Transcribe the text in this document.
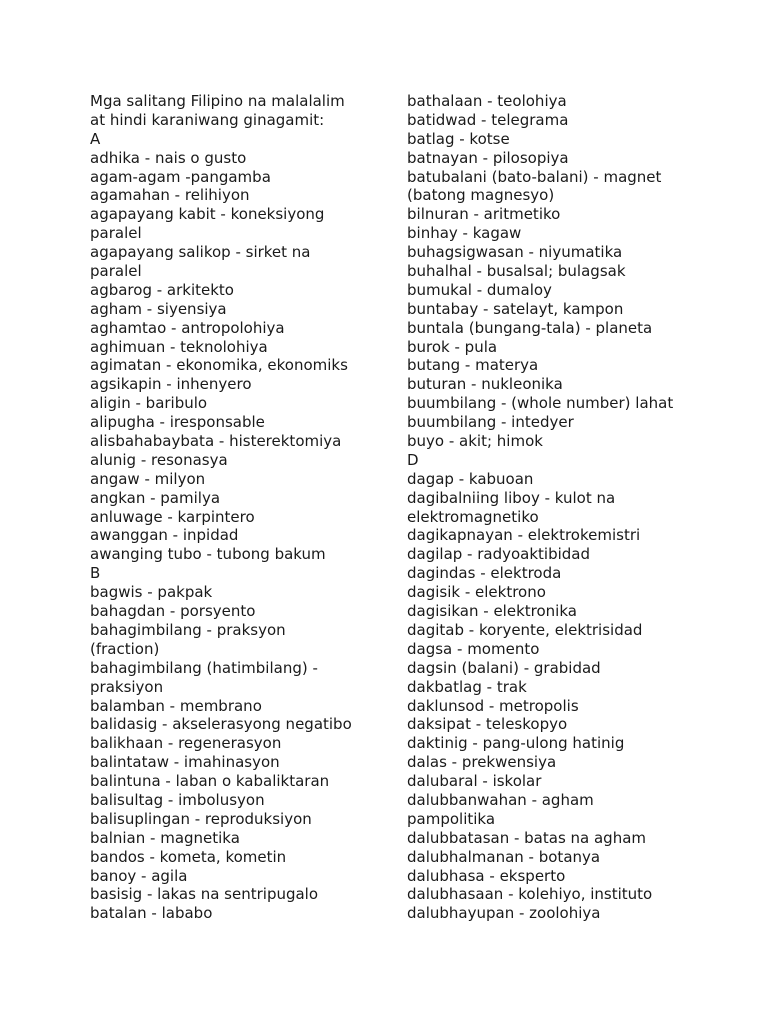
Mga salitang Filipino na malalalim
at hindi karaniwang ginagamit:
A
adhika - nais o gusto
agam-agam -pangamba
agamahan - relihiyon
agapayang kabit - koneksiyong
paralel
agapayang salikop - sirket na
paralel
agbarog - arkitekto
agham - siyensiya
aghamtao - antropolohiya
aghimuan - teknolohiya
agimatan - ekonomika, ekonomiks
agsikapin - inhenyero
aligin - baribulo
alipugha - iresponsable
alisbahabaybata - histerektomiya
alunig - resonasya
angaw - milyon
angkan - pamilya
anluwage - karpintero
awanggan - inpidad
awanging tubo - tubong bakum
B
bagwis - pakpak
bahagdan - porsyento
bahagimbilang - praksyon
(fraction)
bahagimbilang (hatimbilang) -
praksiyon
balamban - membrano
balidasig - akselerasyong negatibo
balikhaan - regenerasyon
balintataw - imahinasyon
balintuna - laban o kabaliktaran
balisultag - imbolusyon
balisuplingan - reproduksiyon
balnian - magnetika
bandos - kometa, kometin
banoy - agila
basisig - lakas na sentripugalo
batalan - lababo
bathalaan - teolohiya
batidwad - telegrama
batlag - kotse
batnayan - pilosopiya
batubalani (bato-balani) - magnet
(batong magnesyo)
bilnuran - aritmetiko
binhay - kagaw
buhagsigwasan - niyumatika
buhalhal - busalsal; bulagsak
bumukal - dumaloy
buntabay - satelayt, kampon
buntala (bungang-tala) - planeta
burok - pula
butang - materya
buturan - nukleonika
buumbilang - (whole number) lahat
buumbilang - intedyer
buyo - akit; himok
D
dagap - kabuoan
dagibalniing liboy - kulot na
elektromagnetiko
dagikapnayan - elektrokemistri
dagilap - radyoaktibidad
dagindas - elektroda
dagisik - elektrono
dagisikan - elektronika
dagitab - koryente, elektrisidad
dagsa - momento
dagsin (balani) - grabidad
dakbatlag - trak
daklunsod - metropolis
daksipat - teleskopyo
daktinig - pang-ulong hatinig
dalas - prekwensiya
dalubaral - iskolar
dalubbanwahan - agham
pampolitika
dalubbatasan - batas na agham
dalubhalmanan - botanya
dalubhasa - eksperto
dalubhasaan - kolehiyo, instituto
dalubhayupan - zoolohiya
